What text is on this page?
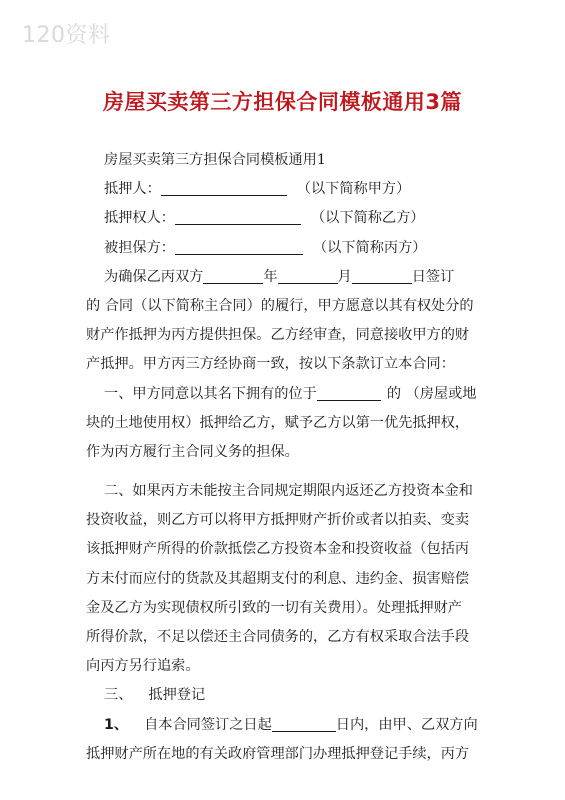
120资料
房屋买卖第三方担保合同模板通用3篇
房屋买卖第三方担保合同模板通用1
抵押人：	（以下简称甲方）
抵押权人：	（以下简称乙方）
被担保方：	（以下简称丙方）
为确保乙丙双方	年	月	日签订
的 合同（以下简称主合同）的履行，甲方愿意以其有权处分的
财产作抵押为丙方提供担保。乙方经审查，同意接收甲方的财
产抵押。甲方丙三方经协商一致，按以下条款订立本合同：
一、甲方同意以其名下拥有的位于	的 （房屋或地
块的土地使用权）抵押给乙方，赋予乙方以第一优先抵押权，
作为丙方履行主合同义务的担保。
二、如果丙方未能按主合同规定期限内返还乙方投资本金和
投资收益，则乙方可以将甲方抵押财产折价或者以拍卖、变卖
该抵押财产所得的价款抵偿乙方投资本金和投资收益（包括丙
方未付而应付的货款及其超期支付的利息、违约金、损害赔偿
金及乙方为实现债权所引致的一切有关费用）。处理抵押财产
所得价款，不足以偿还主合同债务的，乙方有权采取合法手段
向丙方另行追索。
三、 抵押登记
1、 自本合同签订之日起	日内，由甲、乙双方向
抵押财产所在地的有关政府管理部门办理抵押登记手续，丙方
